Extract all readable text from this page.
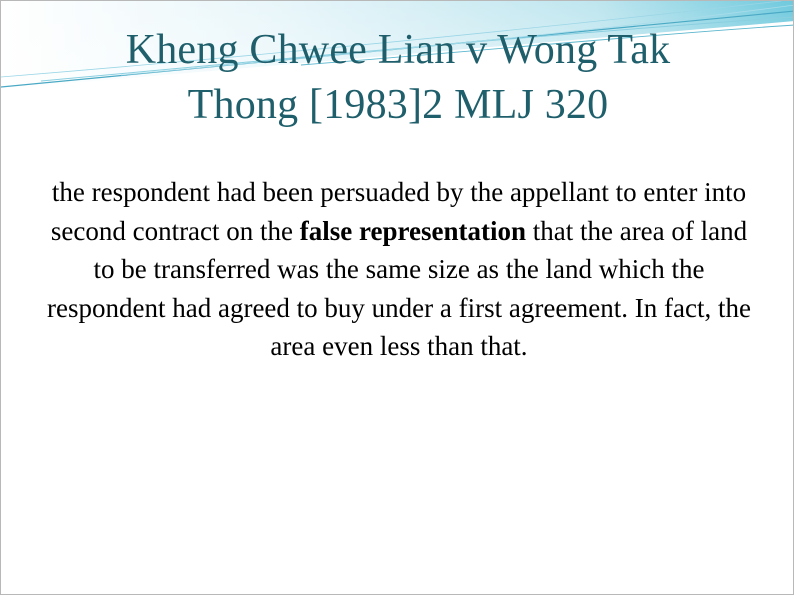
Kheng Chwee Lian v Wong Tak
Thong [1983]2 MLJ 320
the respondent had been persuaded by the appellant to enter into second contract on the false representation that the area of land to be transferred was the same size as the land which the respondent had agreed to buy under a first agreement. In fact, the area even less than that.
